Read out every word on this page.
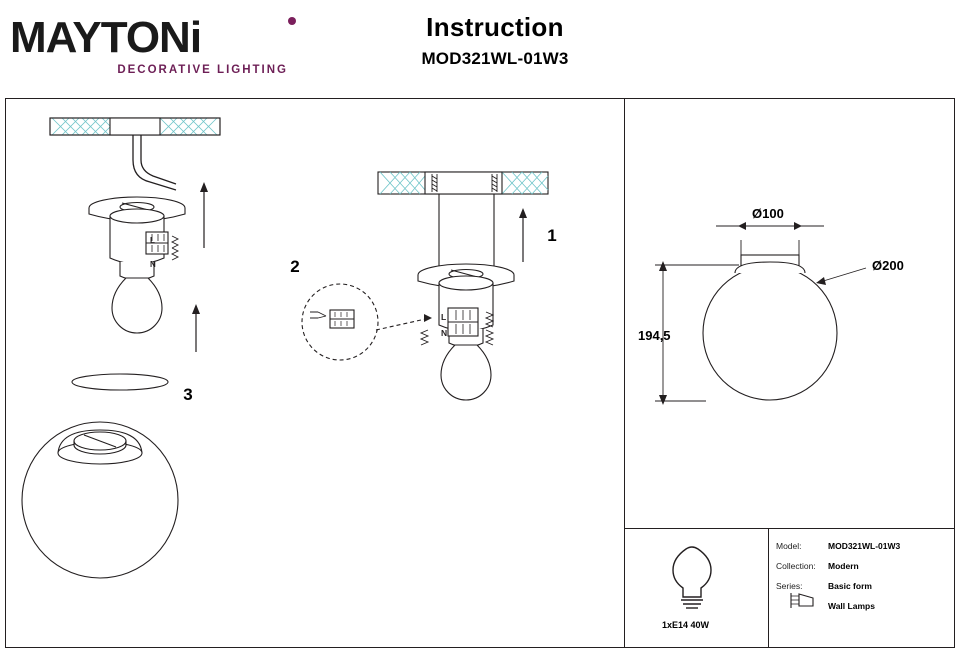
MAYTONi
DECORATIVE LIGHTING
Instruction
MOD321WL-01W3
L
N
L
N
1
2
3
Ø100
Ø200
194,5
Model:	MOD321WL-01W3
Collection:	Modern
Series:	Basic form
Wall Lamps
1xE14 40W
